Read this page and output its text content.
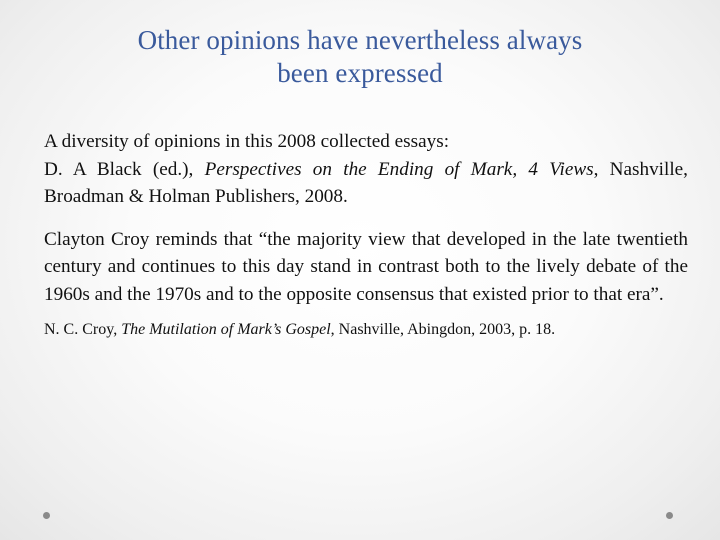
Other opinions have nevertheless always
been expressed

A diversity of opinions in this 2008 collected essays:
D. A Black (ed.), Perspectives on the Ending of Mark, 4 Views, Nashville, Broadman & Holman Publishers, 2008.

Clayton Croy reminds that “the majority view that developed in the late twentieth century and continues to this day stand in contrast both to the lively debate of the 1960s and the 1970s and to the opposite consensus that existed prior to that era”.

N. C. Croy, The Mutilation of Mark’s Gospel, Nashville, Abingdon, 2003, p. 18.
